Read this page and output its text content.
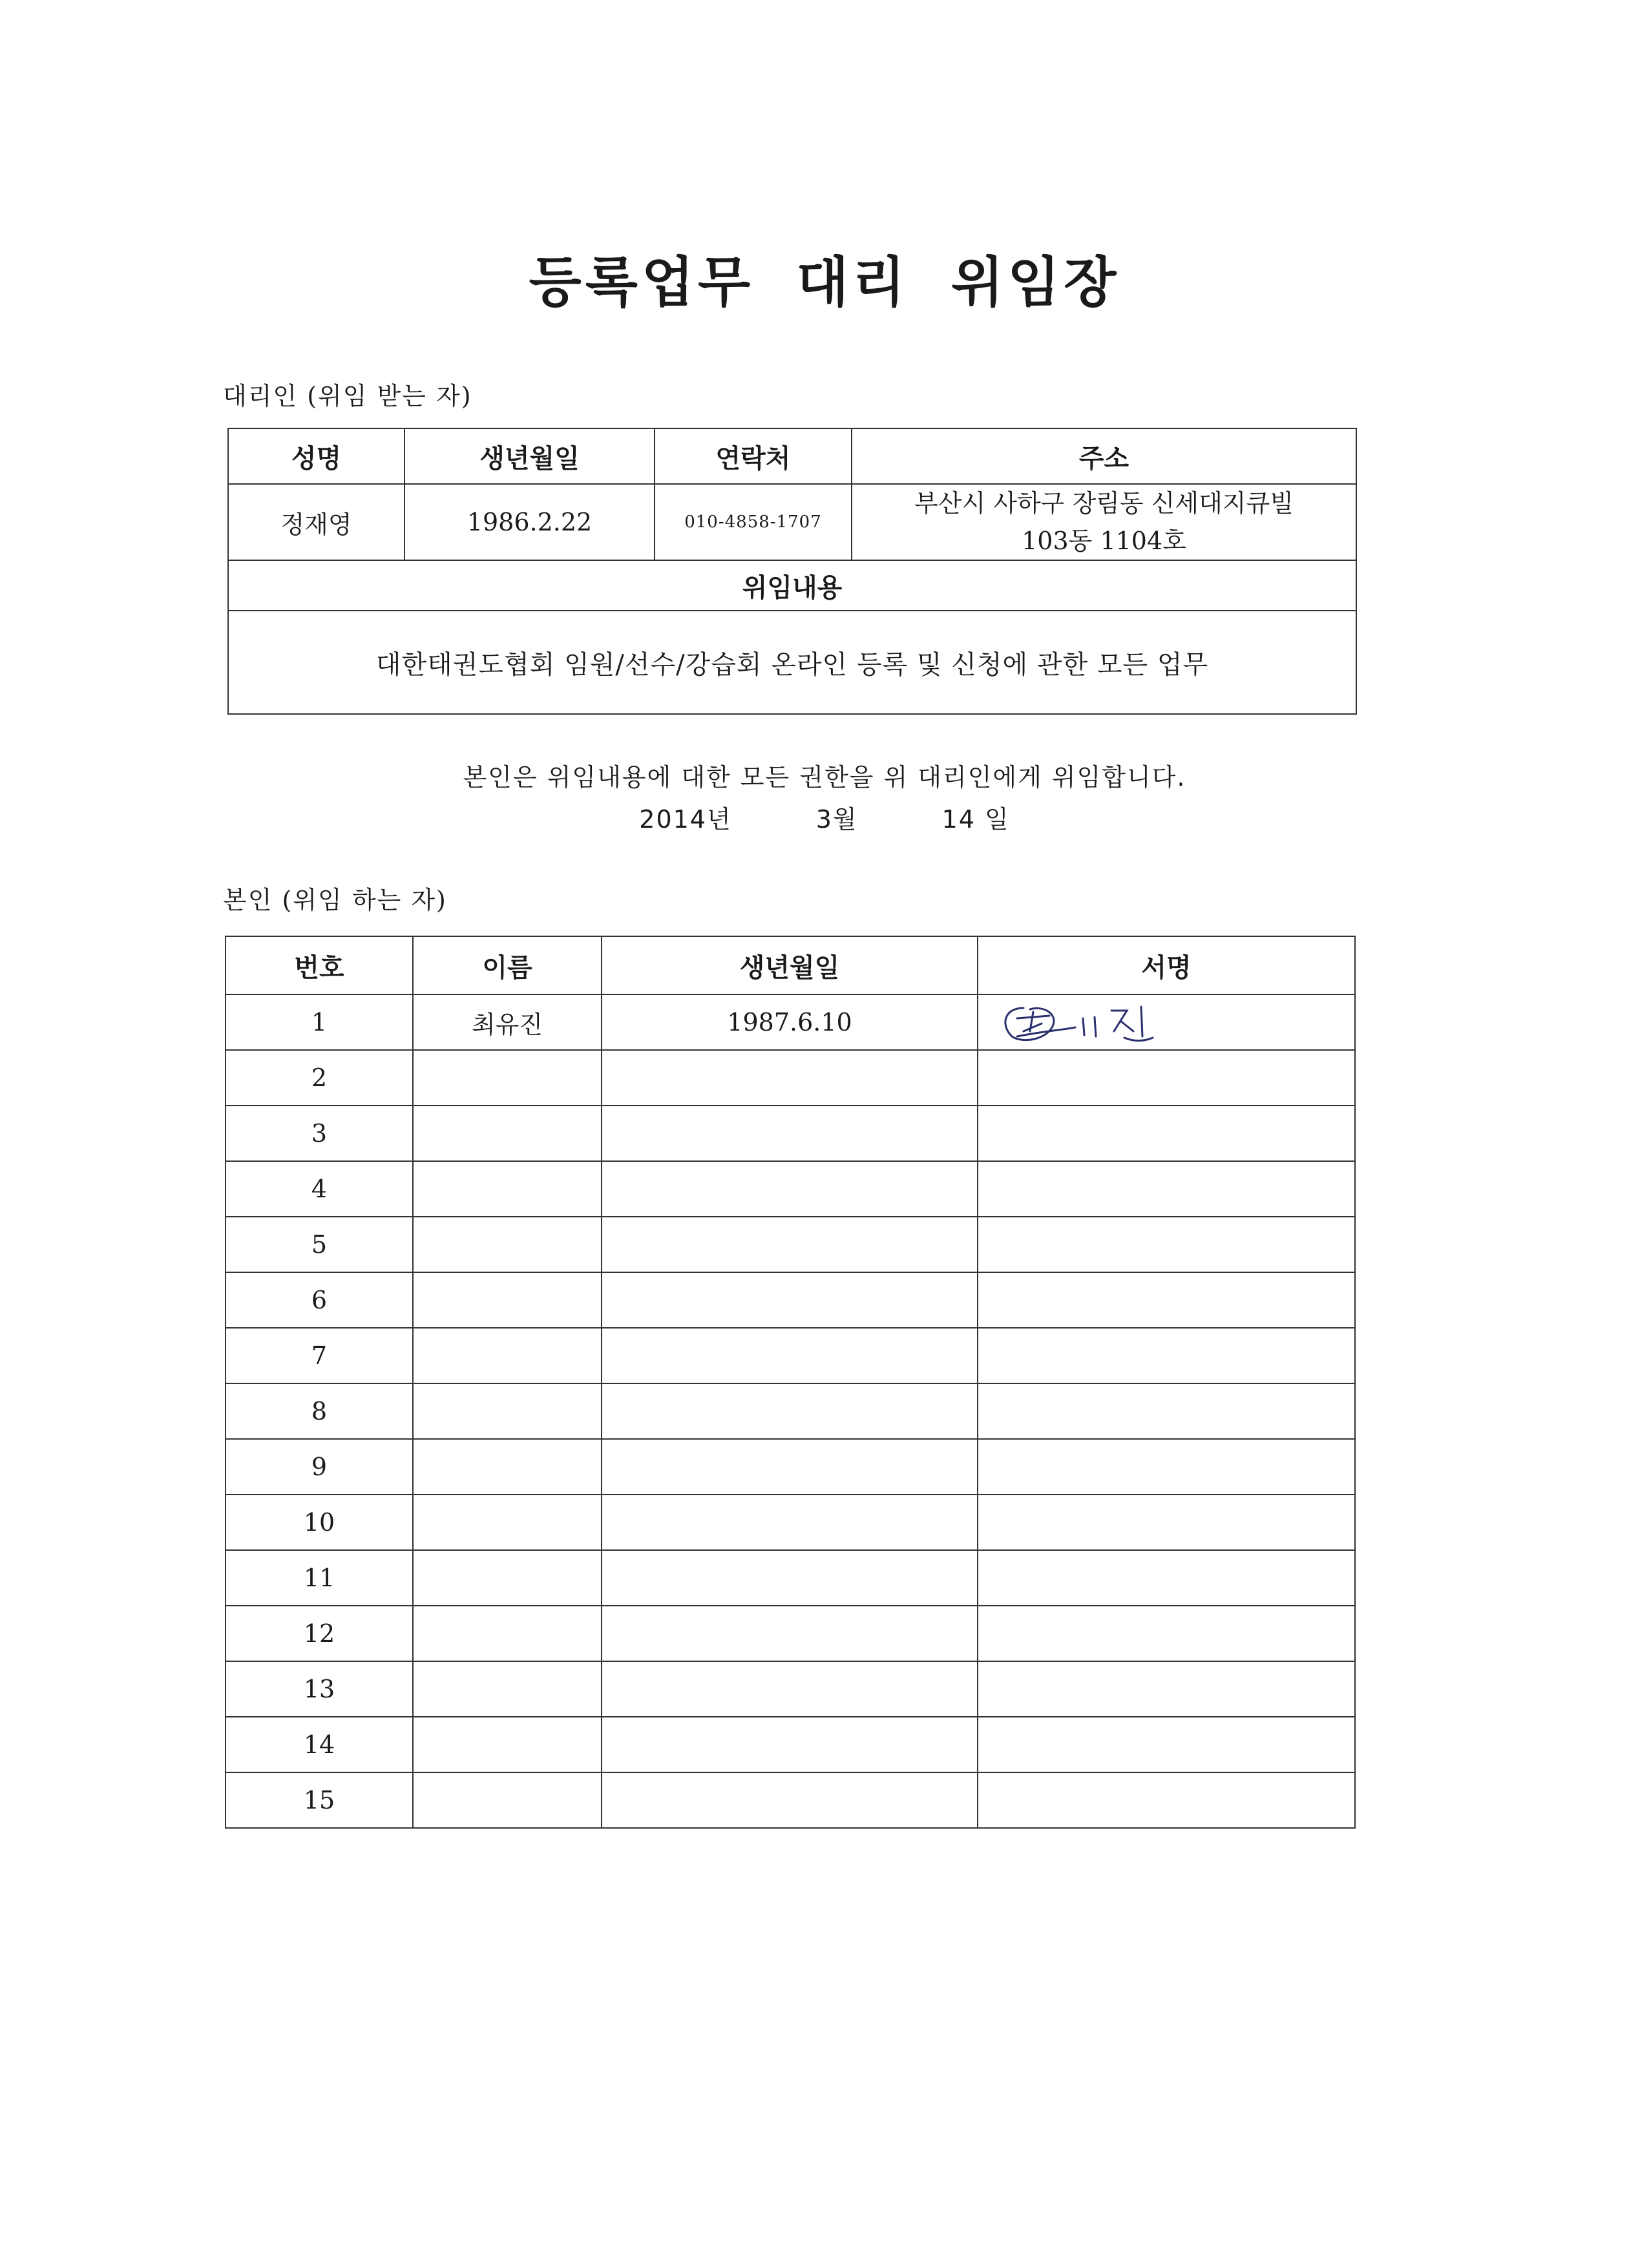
등록업무 대리 위임장
대리인 (위임 받는 자)
성명	생년월일	연락처	주소
정재영	1986.2.22	010-4858-1707	부산시 사하구 장림동 신세대지큐빌
103동 1104호

위임내용			
대한태권도협회 임원/선수/강습회 온라인 등록 및 신청에 관한 모든 업무			
본인은 위임내용에 대한 모든 권한을 위 대리인에게 위임합니다.
2014년	3월	14 일
본인 (위임 하는 자)
번호	이름	생년월일	서명
1	최유진	1987.6.10	

2			
3			
4			
5			
6			
7			
8			
9			
10			
11			
12			
13			
14			
15			
